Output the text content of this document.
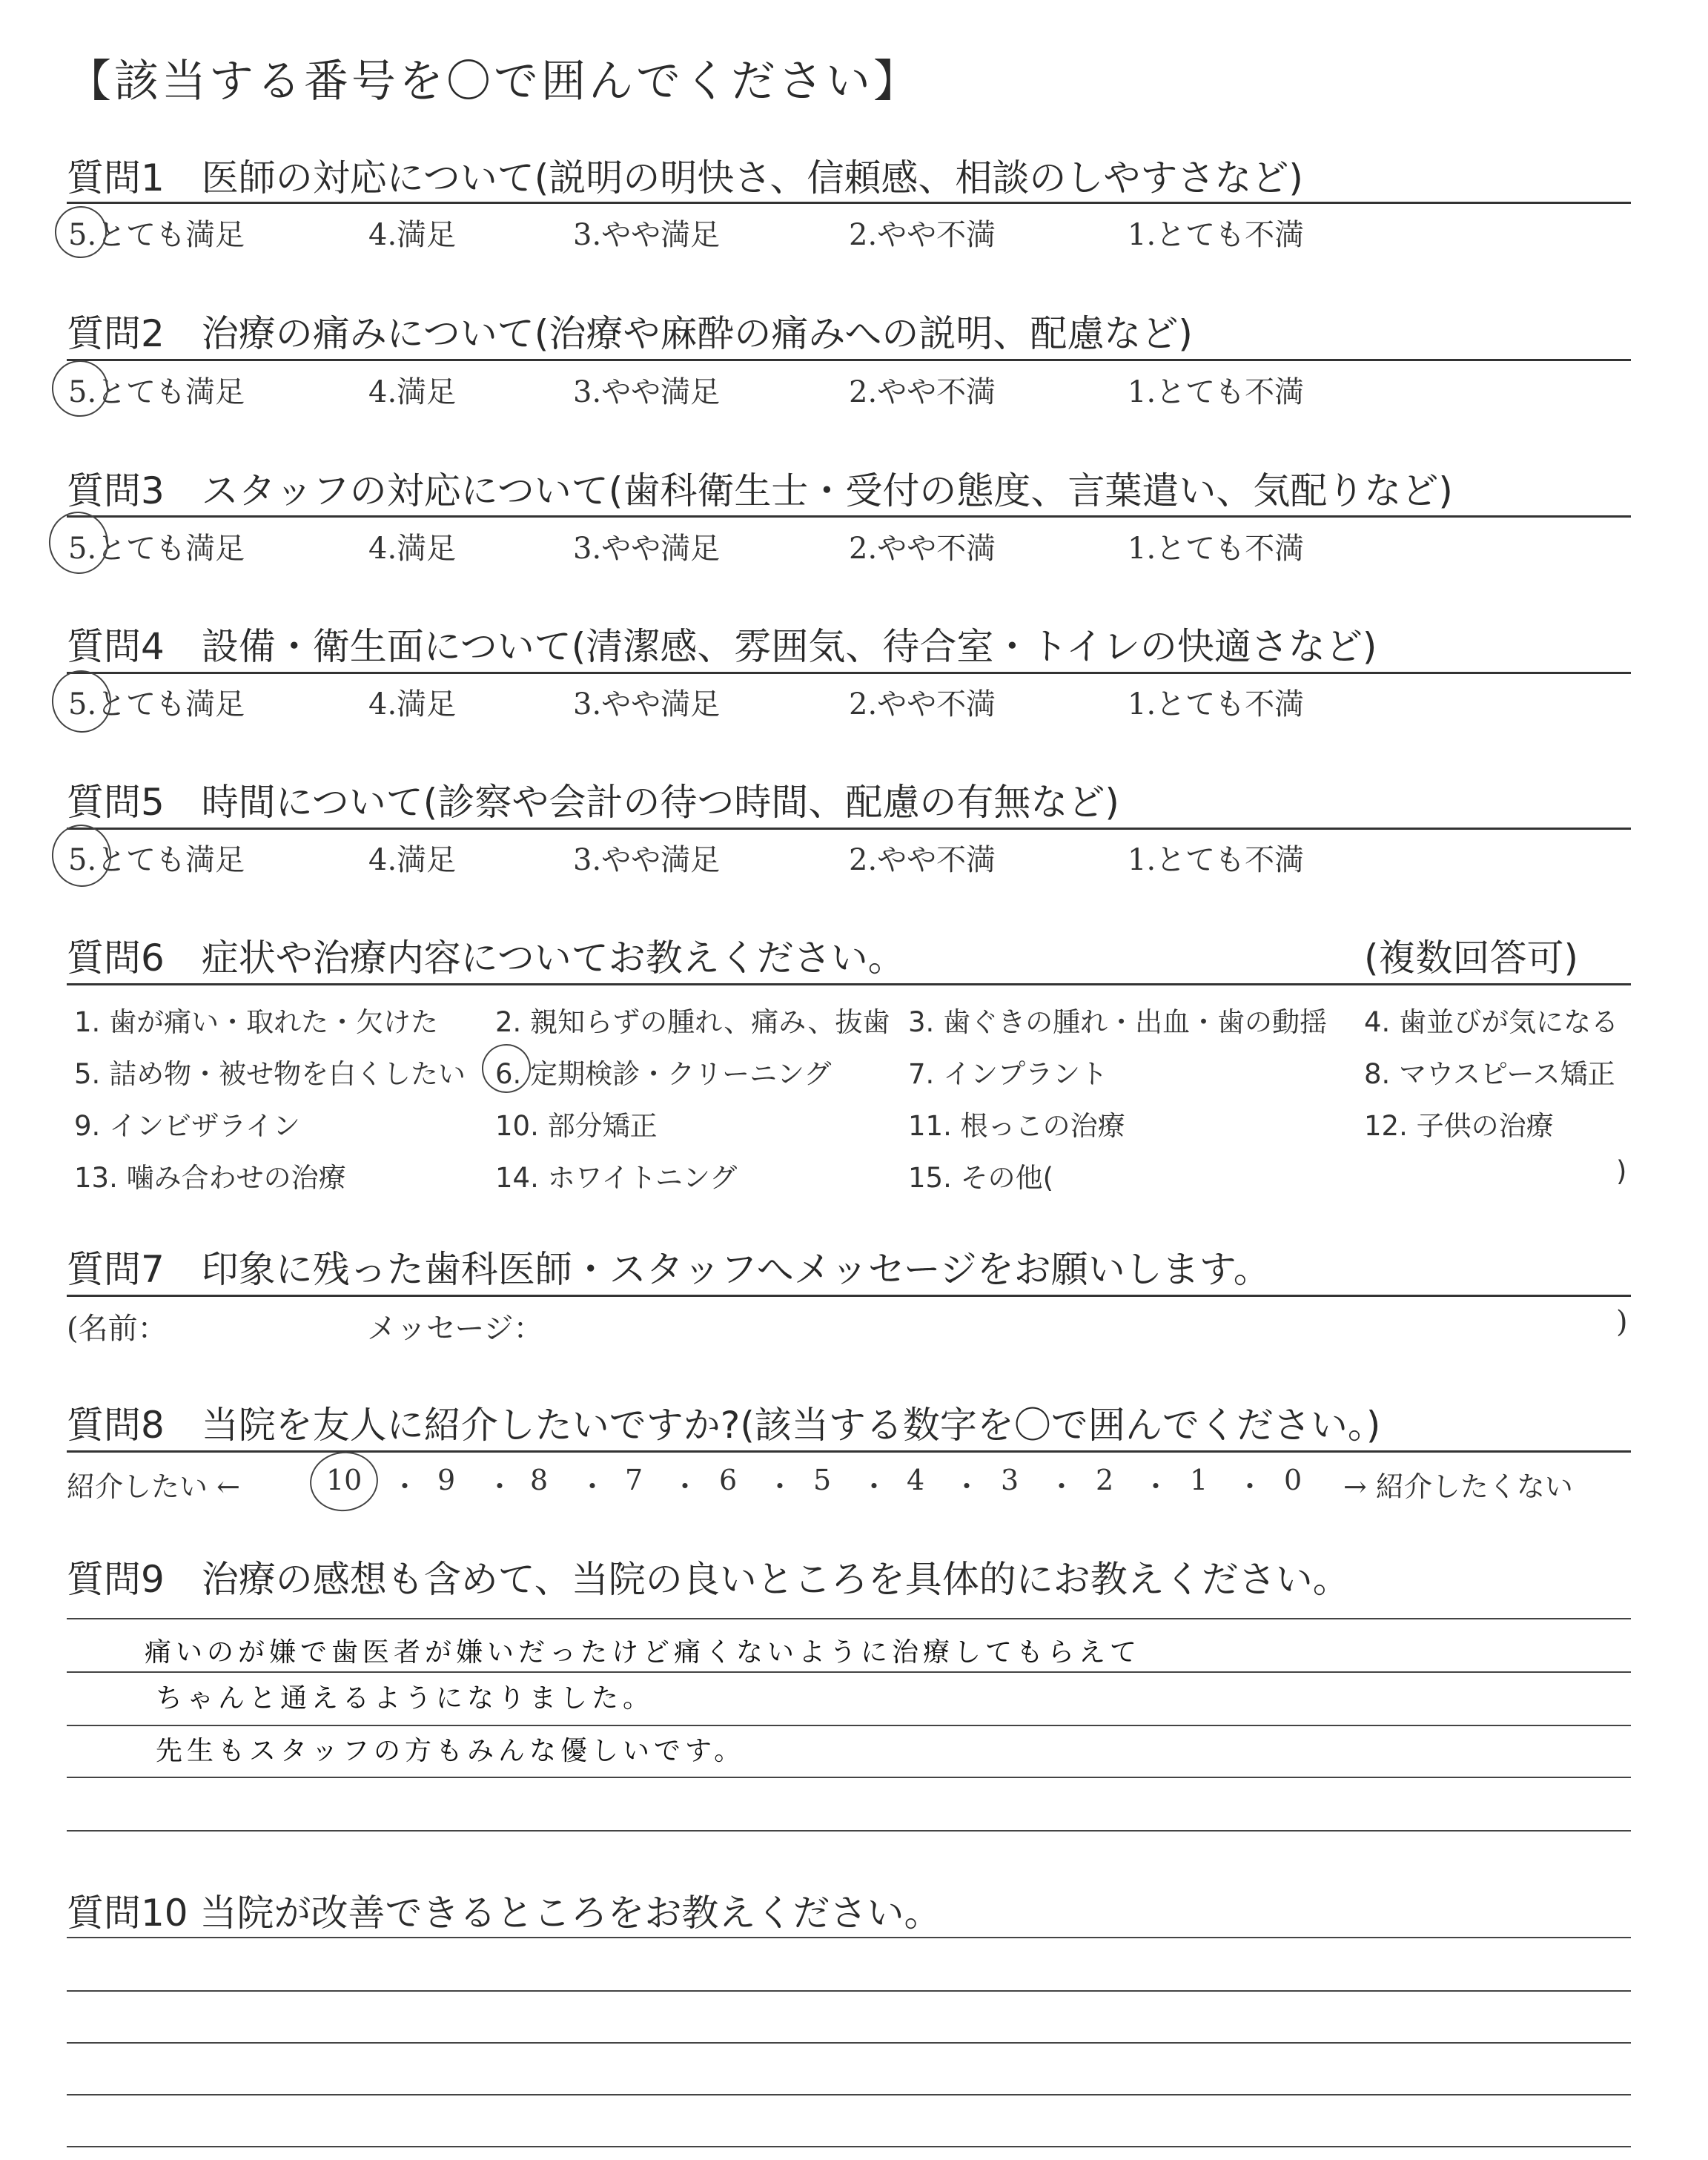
【該当する番号を〇で囲んでください】
質問1　医師の対応について(説明の明快さ、信頼感、相談のしやすさなど)
5.とても満足	4.満足	3.やや満足	2.やや不満	1.とても不満
質問2　治療の痛みについて(治療や麻酔の痛みへの説明、配慮など)
5.とても満足	4.満足	3.やや満足	2.やや不満	1.とても不満
質問3　スタッフの対応について(歯科衛生士・受付の態度、言葉遣い、気配りなど)
5.とても満足	4.満足	3.やや満足	2.やや不満	1.とても不満
質問4　設備・衛生面について(清潔感、雰囲気、待合室・トイレの快適さなど)
5.とても満足	4.満足	3.やや満足	2.やや不満	1.とても不満
質問5　時間について(診察や会計の待つ時間、配慮の有無など)
5.とても満足	4.満足	3.やや満足	2.やや不満	1.とても不満
質問6　症状や治療内容についてお教えください。	(複数回答可)
1. 歯が痛い・取れた・欠けた 2. 親知らずの腫れ、痛み、抜歯 3. 歯ぐきの腫れ・出血・歯の動揺 4. 歯並びが気になる
5. 詰め物・被せ物を白くしたい 6. 定期検診・クリーニング	7. インプラント	8. マウスピース矯正
9. インビザライン	10. 部分矯正	11. 根っこの治療	12. 子供の治療
13. 噛み合わせの治療	14. ホワイトニング	15. その他(	)
質問7　印象に残った歯科医師・スタッフへメッセージをお願いします。
(名前：	メッセージ：	)
質問8　当院を友人に紹介したいですか?(該当する数字を〇で囲んでください。)
紹介したい ←	10 ・ 9 ・ 8 ・ 7 ・ 6 ・ 5 ・ 4 ・ 3 ・ 2 ・ 1 ・ 0 → 紹介したくない
質問9　治療の感想も含めて、当院の良いところを具体的にお教えください。
痛いのが嫌で歯医者が嫌いだったけど痛くないように治療してもらえて
ちゃんと通えるようになりました。
先生もスタッフの方もみんな優しいです。
質問10 当院が改善できるところをお教えください。
